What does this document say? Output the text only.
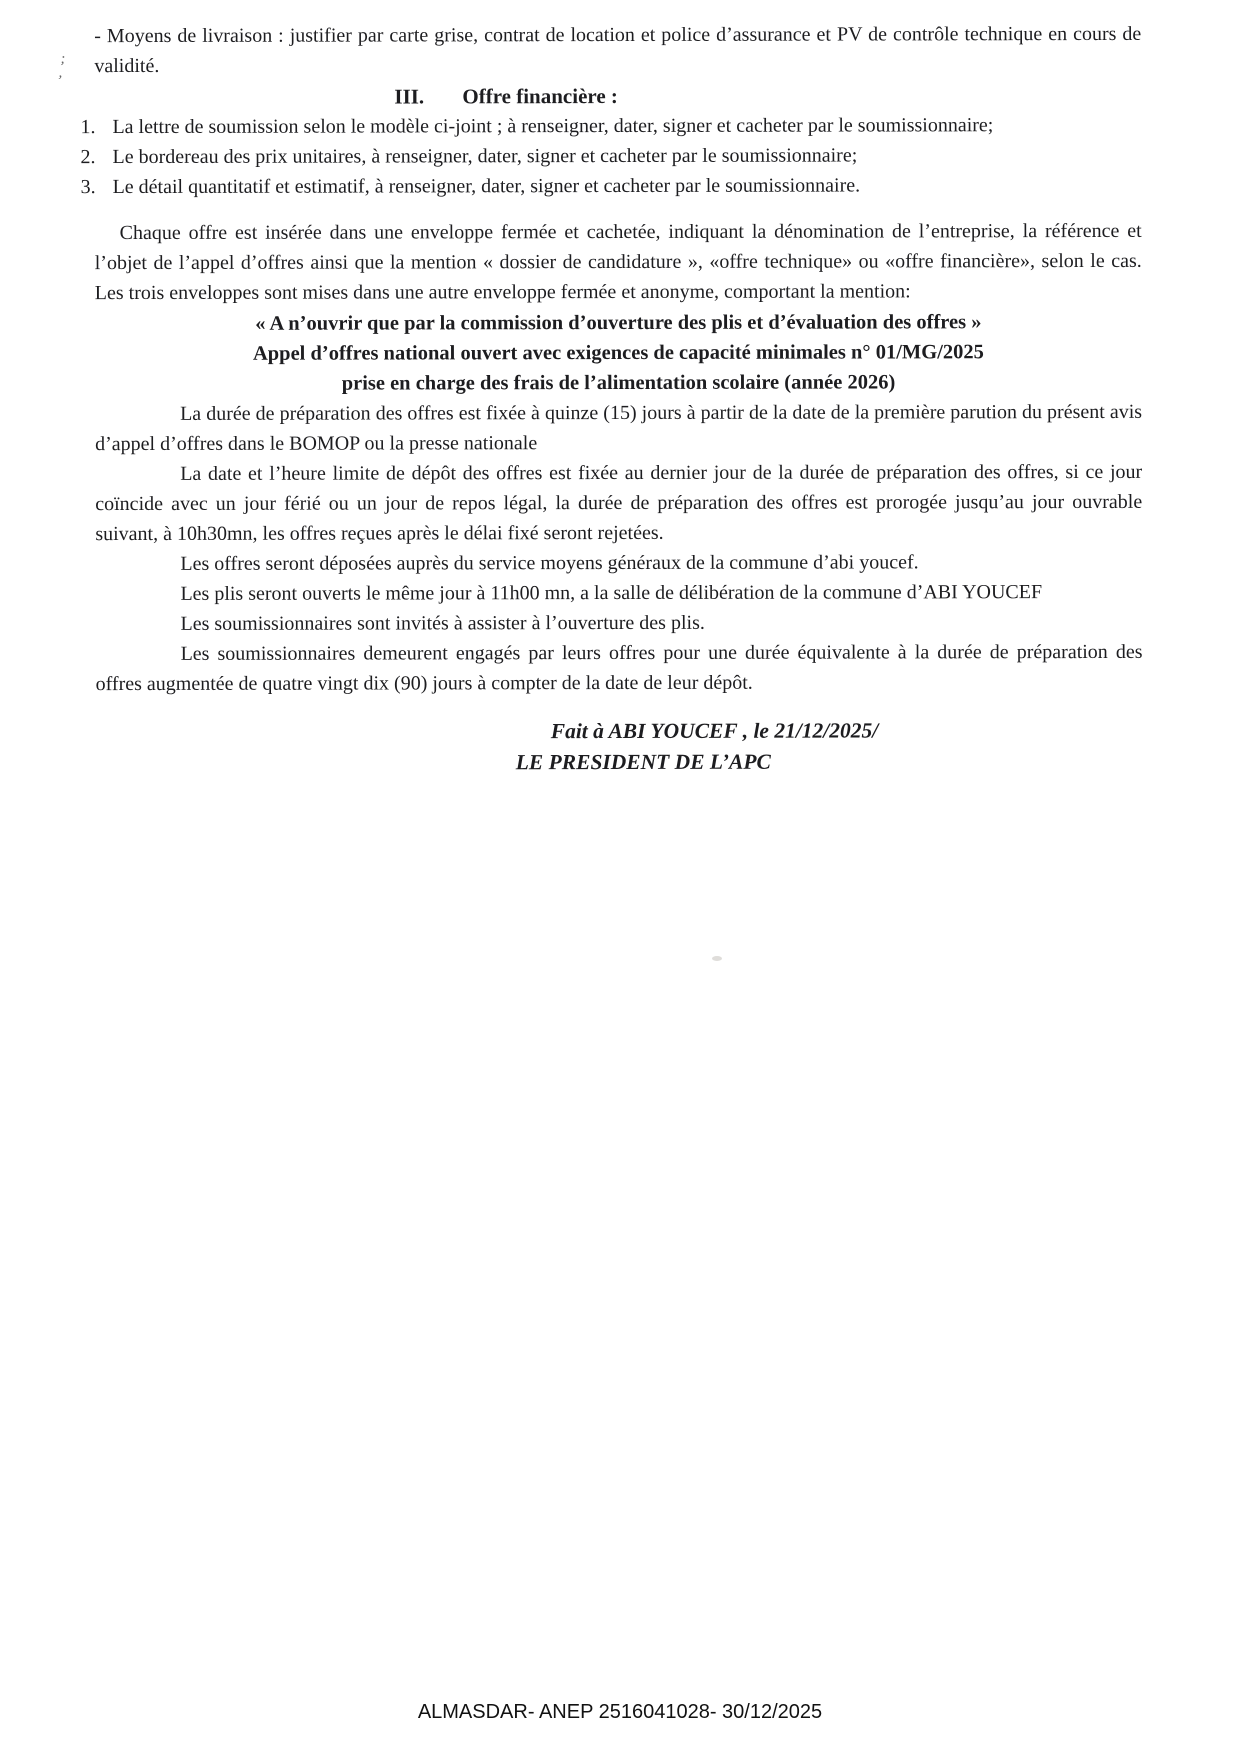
;
,

- Moyens de livraison : justifier par carte grise, contrat de location et police d’assurance et PV de contrôle technique en cours de validité.

III. Offre financière :
1. La lettre de soumission selon le modèle ci-joint ; à renseigner, dater, signer et cacheter par le soumissionnaire;
2. Le bordereau des prix unitaires, à renseigner, dater, signer et cacheter par le soumissionnaire;
3. Le détail quantitatif et estimatif, à renseigner, dater, signer et cacheter par le soumissionnaire.

Chaque offre est insérée dans une enveloppe fermée et cachetée, indiquant la dénomination de l’entreprise, la référence et l’objet de l’appel d’offres ainsi que la mention « dossier de candidature », «offre technique» ou «offre financière», selon le cas. Les trois enveloppes sont mises dans une autre enveloppe fermée et anonyme, comportant la mention:

« A n’ouvrir que par la commission d’ouverture des plis et d’évaluation des offres »

Appel d’offres national ouvert avec exigences de capacité minimales n° 01/MG/2025

prise en charge des frais de l’alimentation scolaire (année 2026)

La durée de préparation des offres est fixée à quinze (15) jours à partir de la date de la première parution du présent avis d’appel d’offres dans le BOMOP ou la presse nationale

La date et l’heure limite de dépôt des offres est fixée au dernier jour de la durée de préparation des offres, si ce jour coïncide avec un jour férié ou un jour de repos légal, la durée de préparation des offres est prorogée jusqu’au jour ouvrable suivant, à 10h30mn, les offres reçues après le délai fixé seront rejetées.

Les offres seront déposées auprès du service moyens généraux de la commune d’abi youcef.

Les plis seront ouverts le même jour à 11h00 mn, a la salle de délibération de la commune d’ABI YOUCEF

Les soumissionnaires sont invités à assister à l’ouverture des plis.

Les soumissionnaires demeurent engagés par leurs offres pour une durée équivalente à la durée de préparation des offres augmentée de quatre vingt dix (90) jours à compter de la date de leur dépôt.

Fait à ABI YOUCEF , le 21/12/2025/

LE PRESIDENT DE L’APC

ALMASDAR- ANEP 2516041028- 30/12/2025
